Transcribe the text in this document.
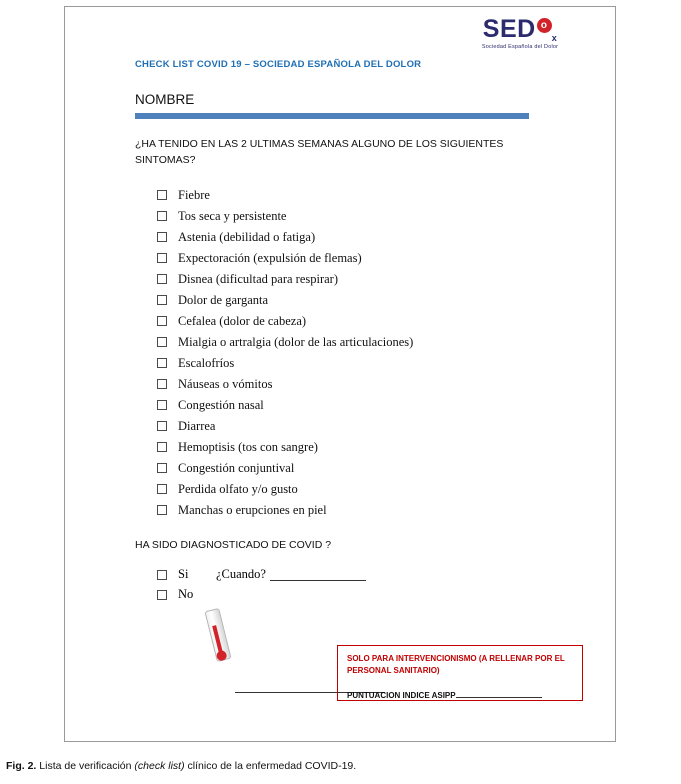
SED ox
Sociedad Española del Dolor
CHECK LIST COVID 19 – SOCIEDAD ESPAÑOLA DEL DOLOR
NOMBRE
¿HA TENIDO EN LAS 2 ULTIMAS SEMANAS ALGUNO DE LOS SIGUIENTES SINTOMAS?
Fiebre
Tos seca y persistente
Astenia (debilidad o fatiga)
Expectoración (expulsión de flemas)
Disnea (dificultad para respirar)
Dolor de garganta
Cefalea (dolor de cabeza)
Mialgia o artralgia (dolor de las articulaciones)
Escalofríos
Náuseas o vómitos
Congestión nasal
Diarrea
Hemoptisis (tos con sangre)
Congestión conjuntival
Perdida olfato y/o gusto
Manchas o erupciones en piel
HA SIDO DIAGNOSTICADO DE COVID ?
Si	¿Cuando?
No
SOLO PARA INTERVENCIONISMO (A RELLENAR POR EL PERSONAL SANITARIO)
PUNTUACION INDICE ASIPP
Fig. 2. Lista de verificación (check list) clínico de la enfermedad COVID-19.
